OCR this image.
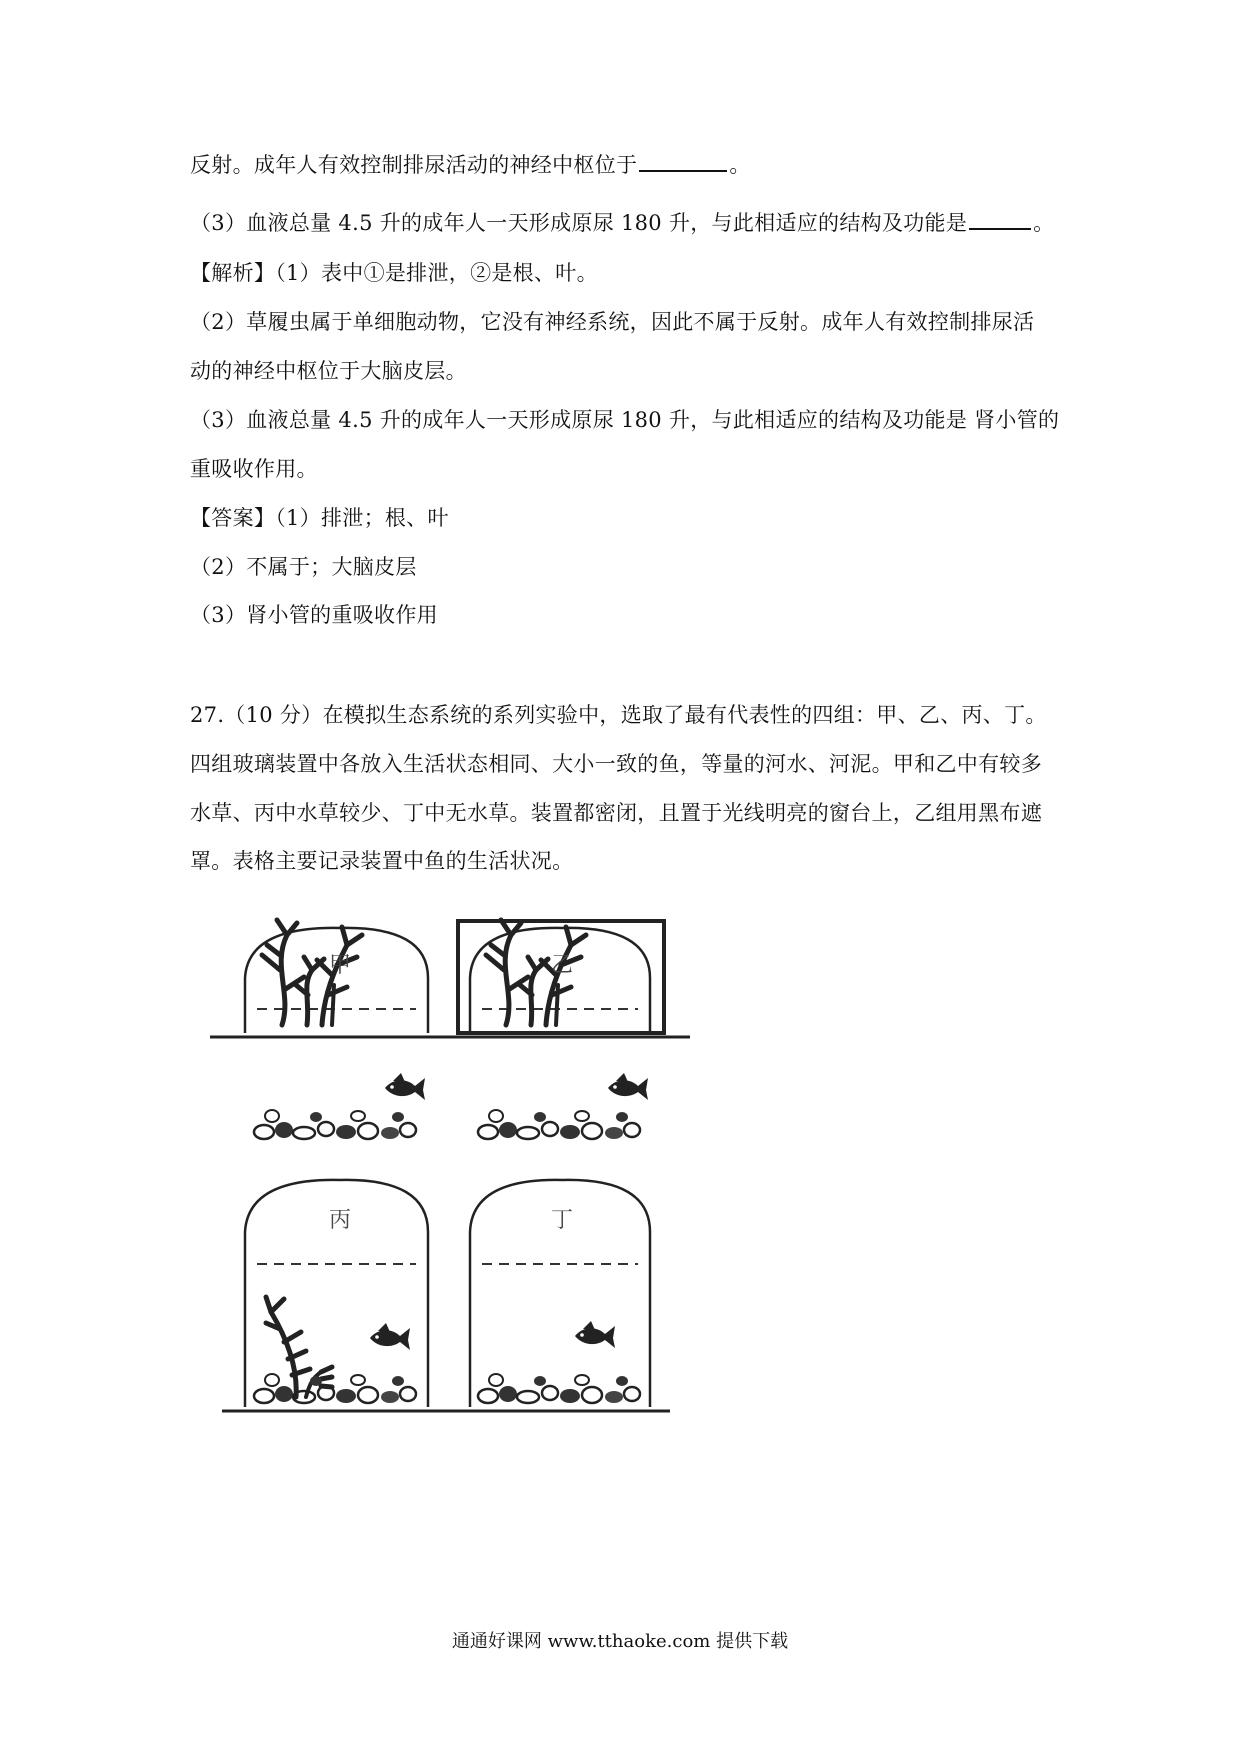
反射。成年人有效控制排尿活动的神经中枢位于	。
（3）血液总量 4.5 升的成年人一天形成原尿 180 升，与此相适应的结构及功能是	。
【解析】（1）表中①是排泄，②是根、叶。
（2）草履虫属于单细胞动物，它没有神经系统，因此不属于反射。成年人有效控制排尿活
动的神经中枢位于大脑皮层。
（3）血液总量 4.5 升的成年人一天形成原尿 180 升，与此相适应的结构及功能是 肾小管的
重吸收作用。
【答案】（1）排泄；根、叶
（2）不属于；大脑皮层
（3）肾小管的重吸收作用
27.（10 分）在模拟生态系统的系列实验中，选取了最有代表性的四组：甲、乙、丙、丁。
四组玻璃装置中各放入生活状态相同、大小一致的鱼，等量的河水、河泥。甲和乙中有较多
水草、丙中水草较少、丁中无水草。装置都密闭，且置于光线明亮的窗台上，乙组用黑布遮
罩。表格主要记录装置中鱼的生活状况。
甲	乙
丙	丁
通通好课网 www.tthaoke.com 提供下载
